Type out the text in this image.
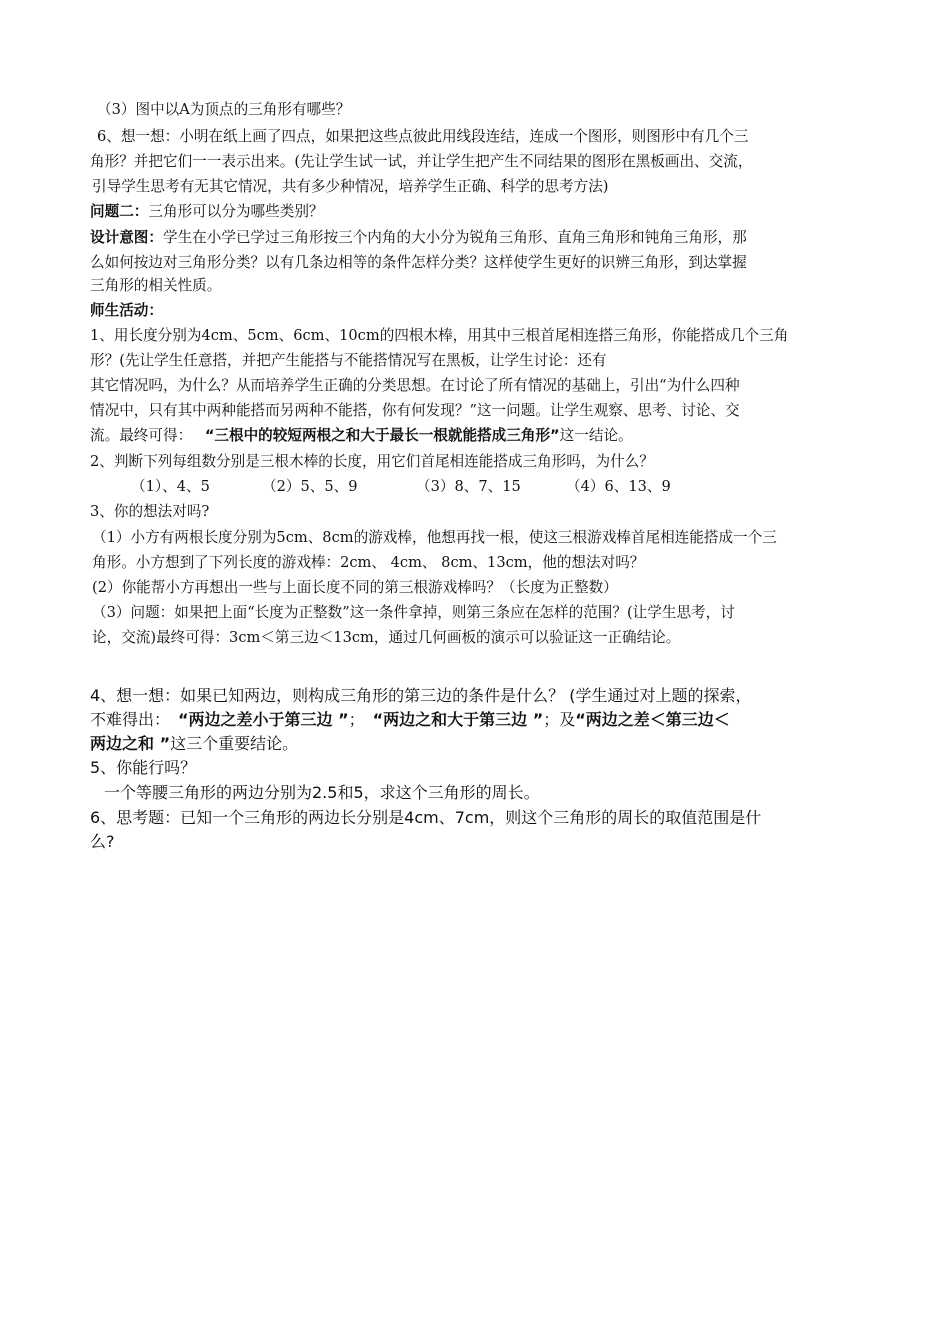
（3）图中以A为顶点的三角形有哪些？
6、想一想：小明在纸上画了四点，如果把这些点彼此用线段连结，连成一个图形，则图形中有几个三
角形？并把它们一一表示出来。(先让学生试一试，并让学生把产生不同结果的图形在黑板画出、交流，
引导学生思考有无其它情况，共有多少种情况，培养学生正确、科学的思考方法)
问题二：三角形可以分为哪些类别？
设计意图：学生在小学已学过三角形按三个内角的大小分为锐角三角形、直角三角形和钝角三角形，那
么如何按边对三角形分类？以有几条边相等的条件怎样分类？这样使学生更好的识辨三角形，到达掌握
三角形的相关性质。
师生活动：
1、用长度分别为4cm、5cm、6cm、10cm的四根木棒，用其中三根首尾相连搭三角形，你能搭成几个三角
形？(先让学生任意搭，并把产生能搭与不能搭情况写在黑板，让学生讨论：还有
其它情况吗，为什么？从而培养学生正确的分类思想。在讨论了所有情况的基础上，引出“为什么四种
情况中，只有其中两种能搭而另两种不能搭，你有何发现？”这一问题。让学生观察、思考、讨论、交
流。最终可得： “三根中的较短两根之和大于最长一根就能搭成三角形”这一结论。
2、判断下列每组数分别是三根木棒的长度，用它们首尾相连能搭成三角形吗，为什么？
（1）、4、5	（2）5、5、9	（3）8、7、15	（4）6、13、9
3、你的想法对吗?
（1）小方有两根长度分别为5cm、8cm的游戏棒，他想再找一根，使这三根游戏棒首尾相连能搭成一个三
角形。小方想到了下列长度的游戏棒：2cm、 4cm、 8cm、13cm，他的想法对吗？
(2）你能帮小方再想出一些与上面长度不同的第三根游戏棒吗？（长度为正整数）
（3）问题：如果把上面“长度为正整数”这一条件拿掉，则第三条应在怎样的范围？(让学生思考，讨
论，交流)最终可得：3cm＜第三边＜13cm，通过几何画板的演示可以验证这一正确结论。
4、想一想：如果已知两边，则构成三角形的第三边的条件是什么？ (学生通过对上题的探索，
不难得出： “两边之差小于第三边 ”； “两边之和大于第三边 ”；及“两边之差＜第三边＜
两边之和 ”这三个重要结论。
5、你能行吗？
一个等腰三角形的两边分别为2.5和5，求这个三角形的周长。
6、思考题：已知一个三角形的两边长分别是4cm、7cm，则这个三角形的周长的取值范围是什
么?
